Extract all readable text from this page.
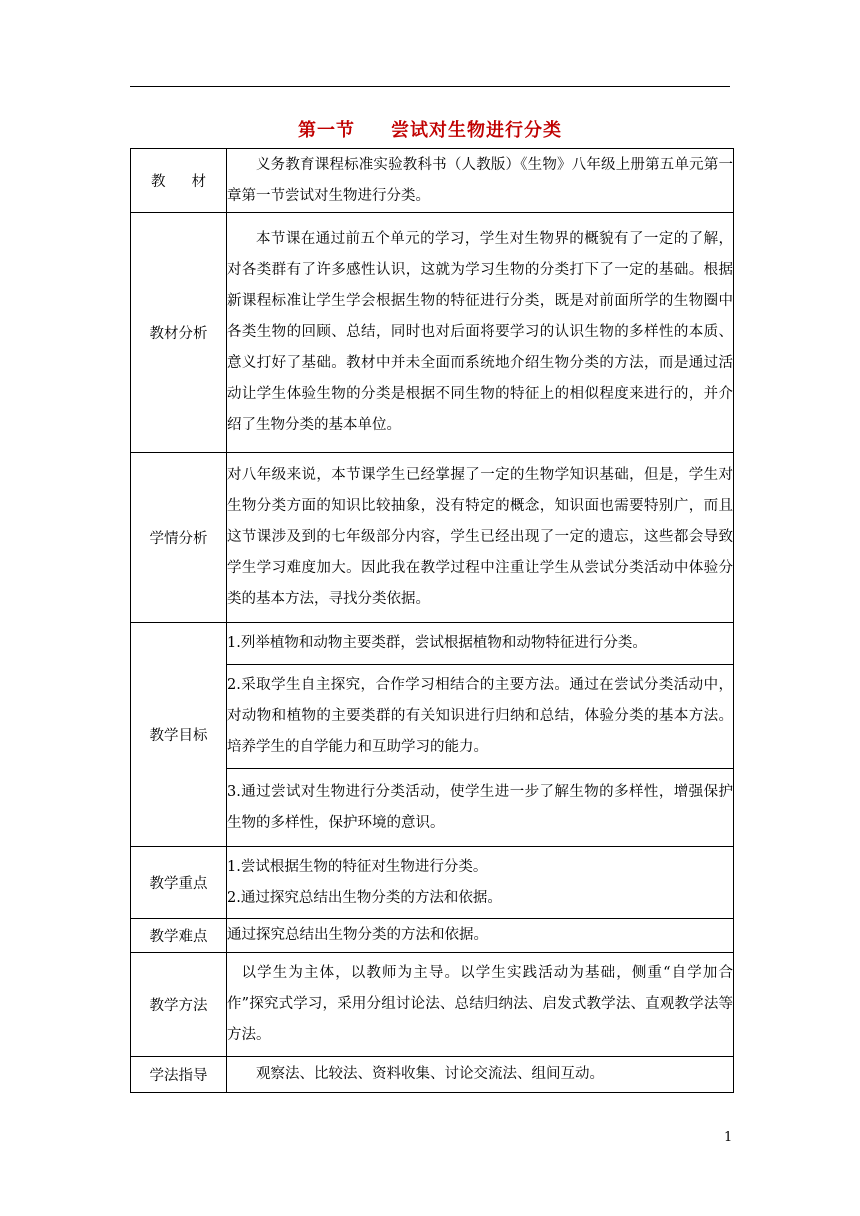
第一节 尝试对生物进行分类
教材	义务教育课程标准实验教科书（人教版）《生物》八年级上册第五单元第一章第一节尝试对生物进行分类。

教材分析	本节课在通过前五个单元的学习，学生对生物界的概貌有了一定的了解，对各类群有了许多感性认识，这就为学习生物的分类打下了一定的基础。根据新课程标准让学生学会根据生物的特征进行分类，既是对前面所学的生物圈中各类生物的回顾、总结，同时也对后面将要学习的认识生物的多样性的本质、意义打好了基础。教材中并未全面而系统地介绍生物分类的方法，而是通过活动让学生体验生物的分类是根据不同生物的特征上的相似程度来进行的，并介绍了生物分类的基本单位。

学情分析	对八年级来说，本节课学生已经掌握了一定的生物学知识基础，但是，学生对生物分类方面的知识比较抽象，没有特定的概念，知识面也需要特别广，而且这节课涉及到的七年级部分内容，学生已经出现了一定的遗忘，这些都会导致学生学习难度加大。因此我在教学过程中注重让学生从尝试分类活动中体验分类的基本方法，寻找分类依据。

教学目标	1.列举植物和动物主要类群，尝试根据植物和动物特征进行分类。

	2.采取学生自主探究，合作学习相结合的主要方法。通过在尝试分类活动中，对动物和植物的主要类群的有关知识进行归纳和总结，体验分类的基本方法。培养学生的自学能力和互助学习的能力。

	3.通过尝试对生物进行分类活动，使学生进一步了解生物的多样性，增强保护生物的多样性，保护环境的意识。

教学重点	1.尝试根据生物的特征对生物进行分类。

2.通过探究总结出生物分类的方法和依据。

教学难点	通过探究总结出生物分类的方法和依据。

教学方法	以学生为主体，以教师为主导。以学生实践活动为基础，侧重“自学加合作”探究式学习，采用分组讨论法、总结归纳法、启发式教学法、直观教学法等方法。

学法指导	观察法、比较法、资料收集、讨论交流法、组间互动。

1
